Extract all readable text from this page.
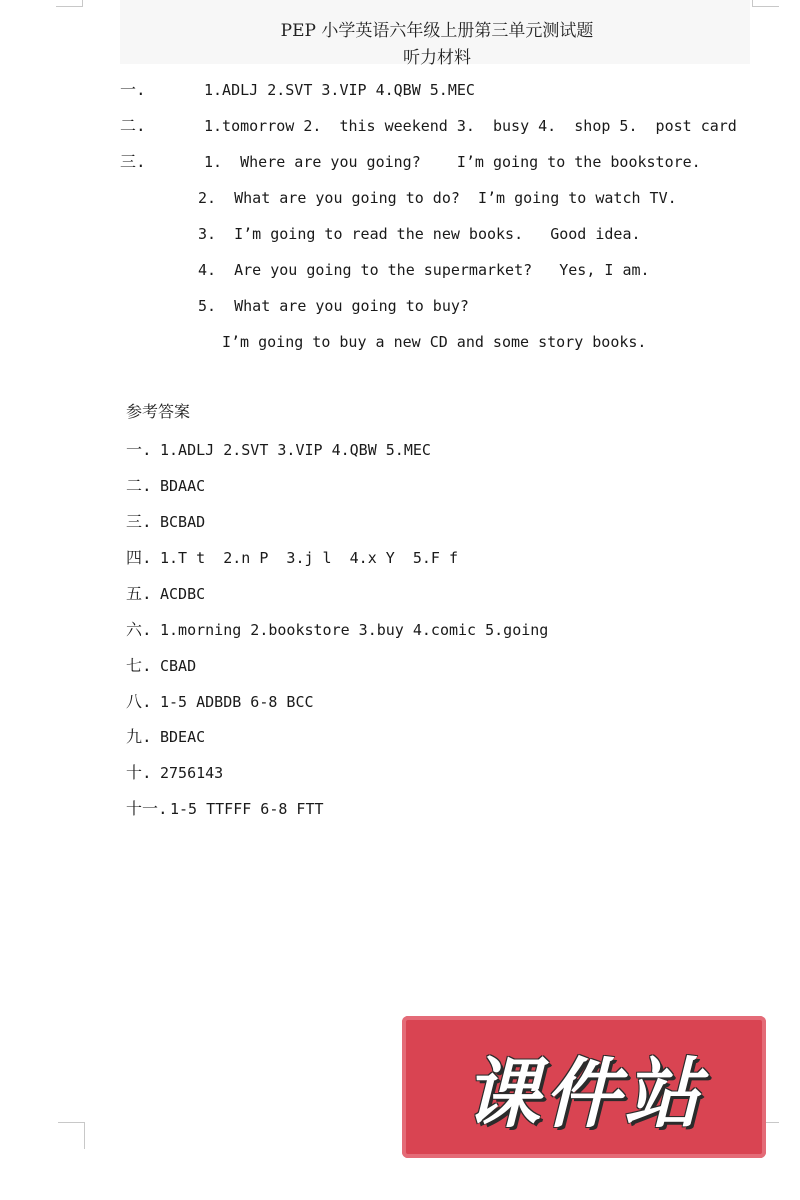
PEP 小学英语六年级上册第三单元测试题
听力材料
一.	1.ADLJ 2.SVT 3.VIP 4.QBW 5.MEC
二.	1.tomorrow 2.  this weekend 3.  busy 4.  shop 5.  post card
三.	1.  Where are you going?    I’m going to the bookstore.
2.  What are you going to do?  I’m going to watch TV.
3.  I’m going to read the new books.   Good idea.
4.  Are you going to the supermarket?   Yes, I am.
5.  What are you going to buy?
I’m going to buy a new CD and some story books.
参考答案
一. 1.ADLJ 2.SVT 3.VIP 4.QBW 5.MEC
二. BDAAC
三. BCBAD
四. 1.T t  2.n P  3.j l  4.x Y  5.F f
五. ACDBC
六. 1.morning 2.bookstore 3.buy 4.comic 5.going
七. CBAD
八. 1-5 ADBDB 6-8 BCC
九. BDEAC
十. 2756143
十一. 1-5 TTFFF 6-8 FTT
课件站
